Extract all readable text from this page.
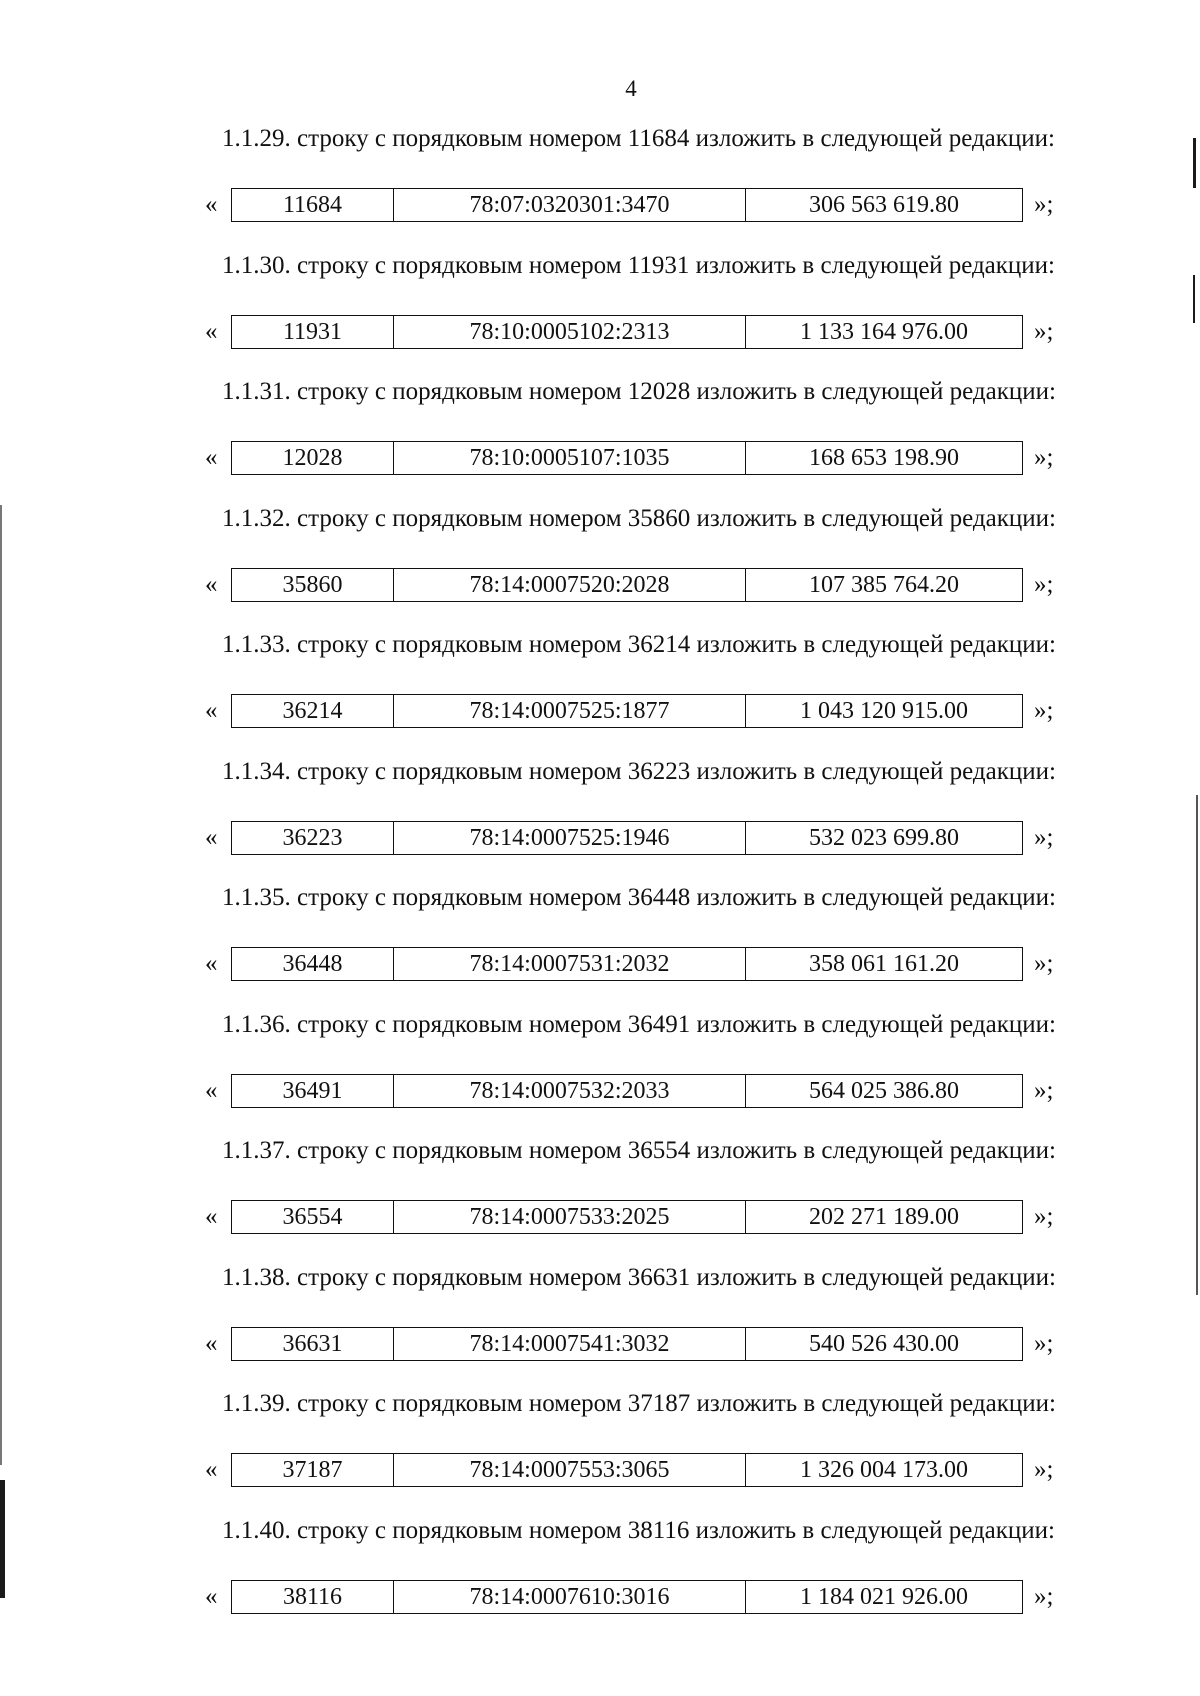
4
1.1.29. строку с порядковым номером 11684 изложить в следующей редакции:
«	11684	78:07:0320301:3470	306 563 619.80	»;
1.1.30. строку с порядковым номером 11931 изложить в следующей редакции:
«	11931	78:10:0005102:2313	1 133 164 976.00	»;
1.1.31. строку с порядковым номером 12028 изложить в следующей редакции:
«	12028	78:10:0005107:1035	168 653 198.90	»;
1.1.32. строку с порядковым номером 35860 изложить в следующей редакции:
«	35860	78:14:0007520:2028	107 385 764.20	»;
1.1.33. строку с порядковым номером 36214 изложить в следующей редакции:
«	36214	78:14:0007525:1877	1 043 120 915.00	»;
1.1.34. строку с порядковым номером 36223 изложить в следующей редакции:
«	36223	78:14:0007525:1946	532 023 699.80	»;
1.1.35. строку с порядковым номером 36448 изложить в следующей редакции:
«	36448	78:14:0007531:2032	358 061 161.20	»;
1.1.36. строку с порядковым номером 36491 изложить в следующей редакции:
«	36491	78:14:0007532:2033	564 025 386.80	»;
1.1.37. строку с порядковым номером 36554 изложить в следующей редакции:
«	36554	78:14:0007533:2025	202 271 189.00	»;
1.1.38. строку с порядковым номером 36631 изложить в следующей редакции:
«	36631	78:14:0007541:3032	540 526 430.00	»;
1.1.39. строку с порядковым номером 37187 изложить в следующей редакции:
«	37187	78:14:0007553:3065	1 326 004 173.00	»;
1.1.40. строку с порядковым номером 38116 изложить в следующей редакции:
«	38116	78:14:0007610:3016	1 184 021 926.00	»;
